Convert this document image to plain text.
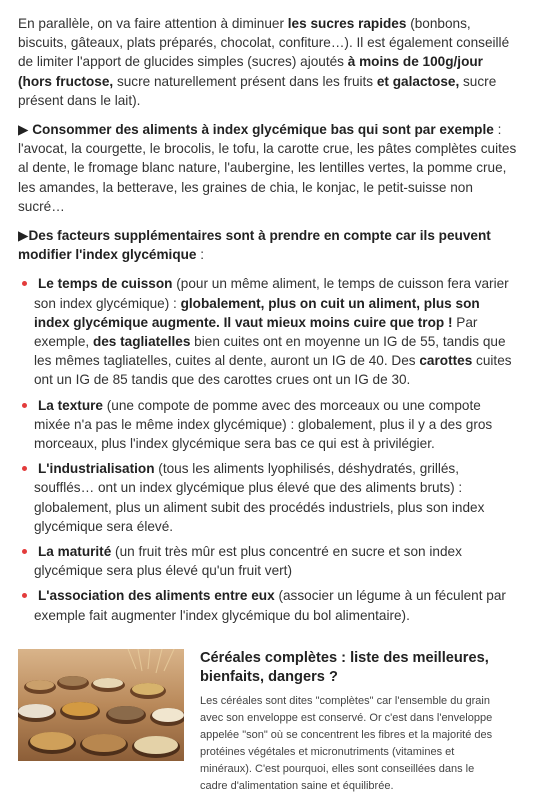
En parallèle, on va faire attention à diminuer les sucres rapides (bonbons, biscuits, gâteaux, plats préparés, chocolat, confiture…). Il est également conseillé de limiter l'apport de glucides simples (sucres) ajoutés à moins de 100g/jour (hors fructose, sucre naturellement présent dans les fruits et galactose, sucre présent dans le lait).

▶ Consommer des aliments à index glycémique bas qui sont par exemple : l'avocat, la courgette, le brocolis, le tofu, la carotte crue, les pâtes complètes cuites al dente, le fromage blanc nature, l'aubergine, les lentilles vertes, la pomme crue, les amandes, la betterave, les graines de chia, le konjac, le petit-suisse non sucré…

▶Des facteurs supplémentaires sont à prendre en compte car ils peuvent modifier l'index glycémique :

Le temps de cuisson (pour un même aliment, le temps de cuisson fera varier son index glycémique) : globalement, plus on cuit un aliment, plus son index glycémique augmente. Il vaut mieux moins cuire que trop ! Par exemple, des tagliatelles bien cuites ont en moyenne un IG de 55, tandis que les mêmes tagliatelles, cuites al dente, auront un IG de 40. Des carottes cuites ont un IG de 85 tandis que des carottes crues ont un IG de 30.
La texture (une compote de pomme avec des morceaux ou une compote mixée n'a pas le même index glycémique) : globalement, plus il y a des gros morceaux, plus l'index glycémique sera bas ce qui est à privilégier.
L'industrialisation (tous les aliments lyophilisés, déshydratés, grillés, soufflés… ont un index glycémique plus élevé que des aliments bruts) : globalement, plus un aliment subit des procédés industriels, plus son index glycémique sera élevé.
La maturité (un fruit très mûr est plus concentré en sucre et son index glycémique sera plus élevé qu'un fruit vert)
L'association des aliments entre eux (associer un légume à un féculent par exemple fait augmenter l'index glycémique du bol alimentaire).

Céréales complètes : liste des meilleures, bienfaits, dangers ?

Les céréales sont dites "complètes" car l'ensemble du grain avec son enveloppe est conservé. Or c'est dans l'enveloppe appelée "son" où se concentrent les fibres et la majorité des protéines végétales et micronutriments (vitamines et minéraux). C'est pourquoi, elles sont conseillées dans le cadre d'alimentation saine et équilibrée.
